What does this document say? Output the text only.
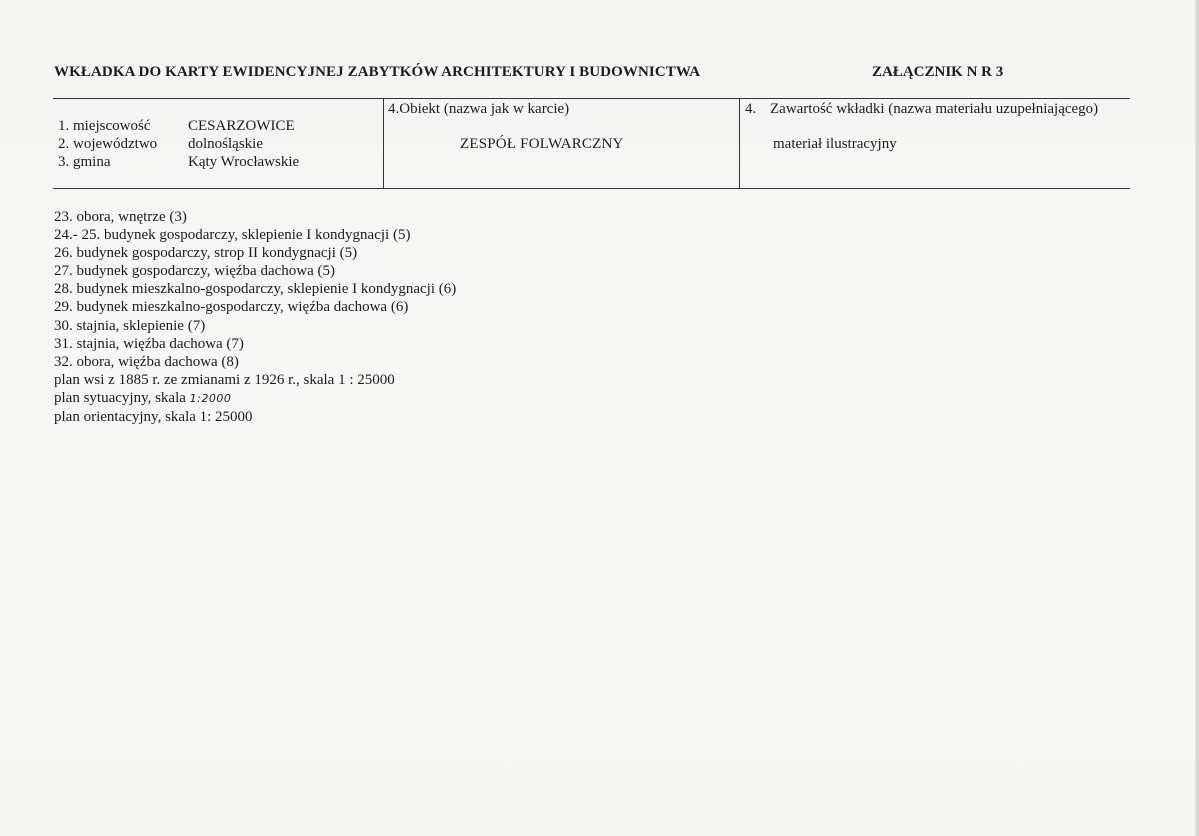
WKŁADKA DO KARTY EWIDENCYJNEJ ZABYTKÓW ARCHITEKTURY I BUDOWNICTWA	ZAŁĄCZNIK N R 3
1. miejscowość
2. województwo
3. gmina
CESARZOWICE
dolnośląskie
Kąty Wrocławskie
4.Obiekt (nazwa jak w karcie)
ZESPÓŁ FOLWARCZNY
4. Zawartość wkładki (nazwa materiału uzupełniającego)
materiał ilustracyjny
23. obora, wnętrze (3)
24.- 25. budynek gospodarczy, sklepienie I kondygnacji (5)
26. budynek gospodarczy, strop II kondygnacji (5)
27. budynek gospodarczy, więźba dachowa (5)
28. budynek mieszkalno-gospodarczy, sklepienie I kondygnacji (6)
29. budynek mieszkalno-gospodarczy, więźba dachowa (6)
30. stajnia, sklepienie (7)
31. stajnia, więźba dachowa (7)
32. obora, więźba dachowa (8)
plan wsi z 1885 r. ze zmianami z 1926 r., skala 1 : 25000
plan sytuacyjny, skala 1:2000
plan orientacyjny, skala 1: 25000
